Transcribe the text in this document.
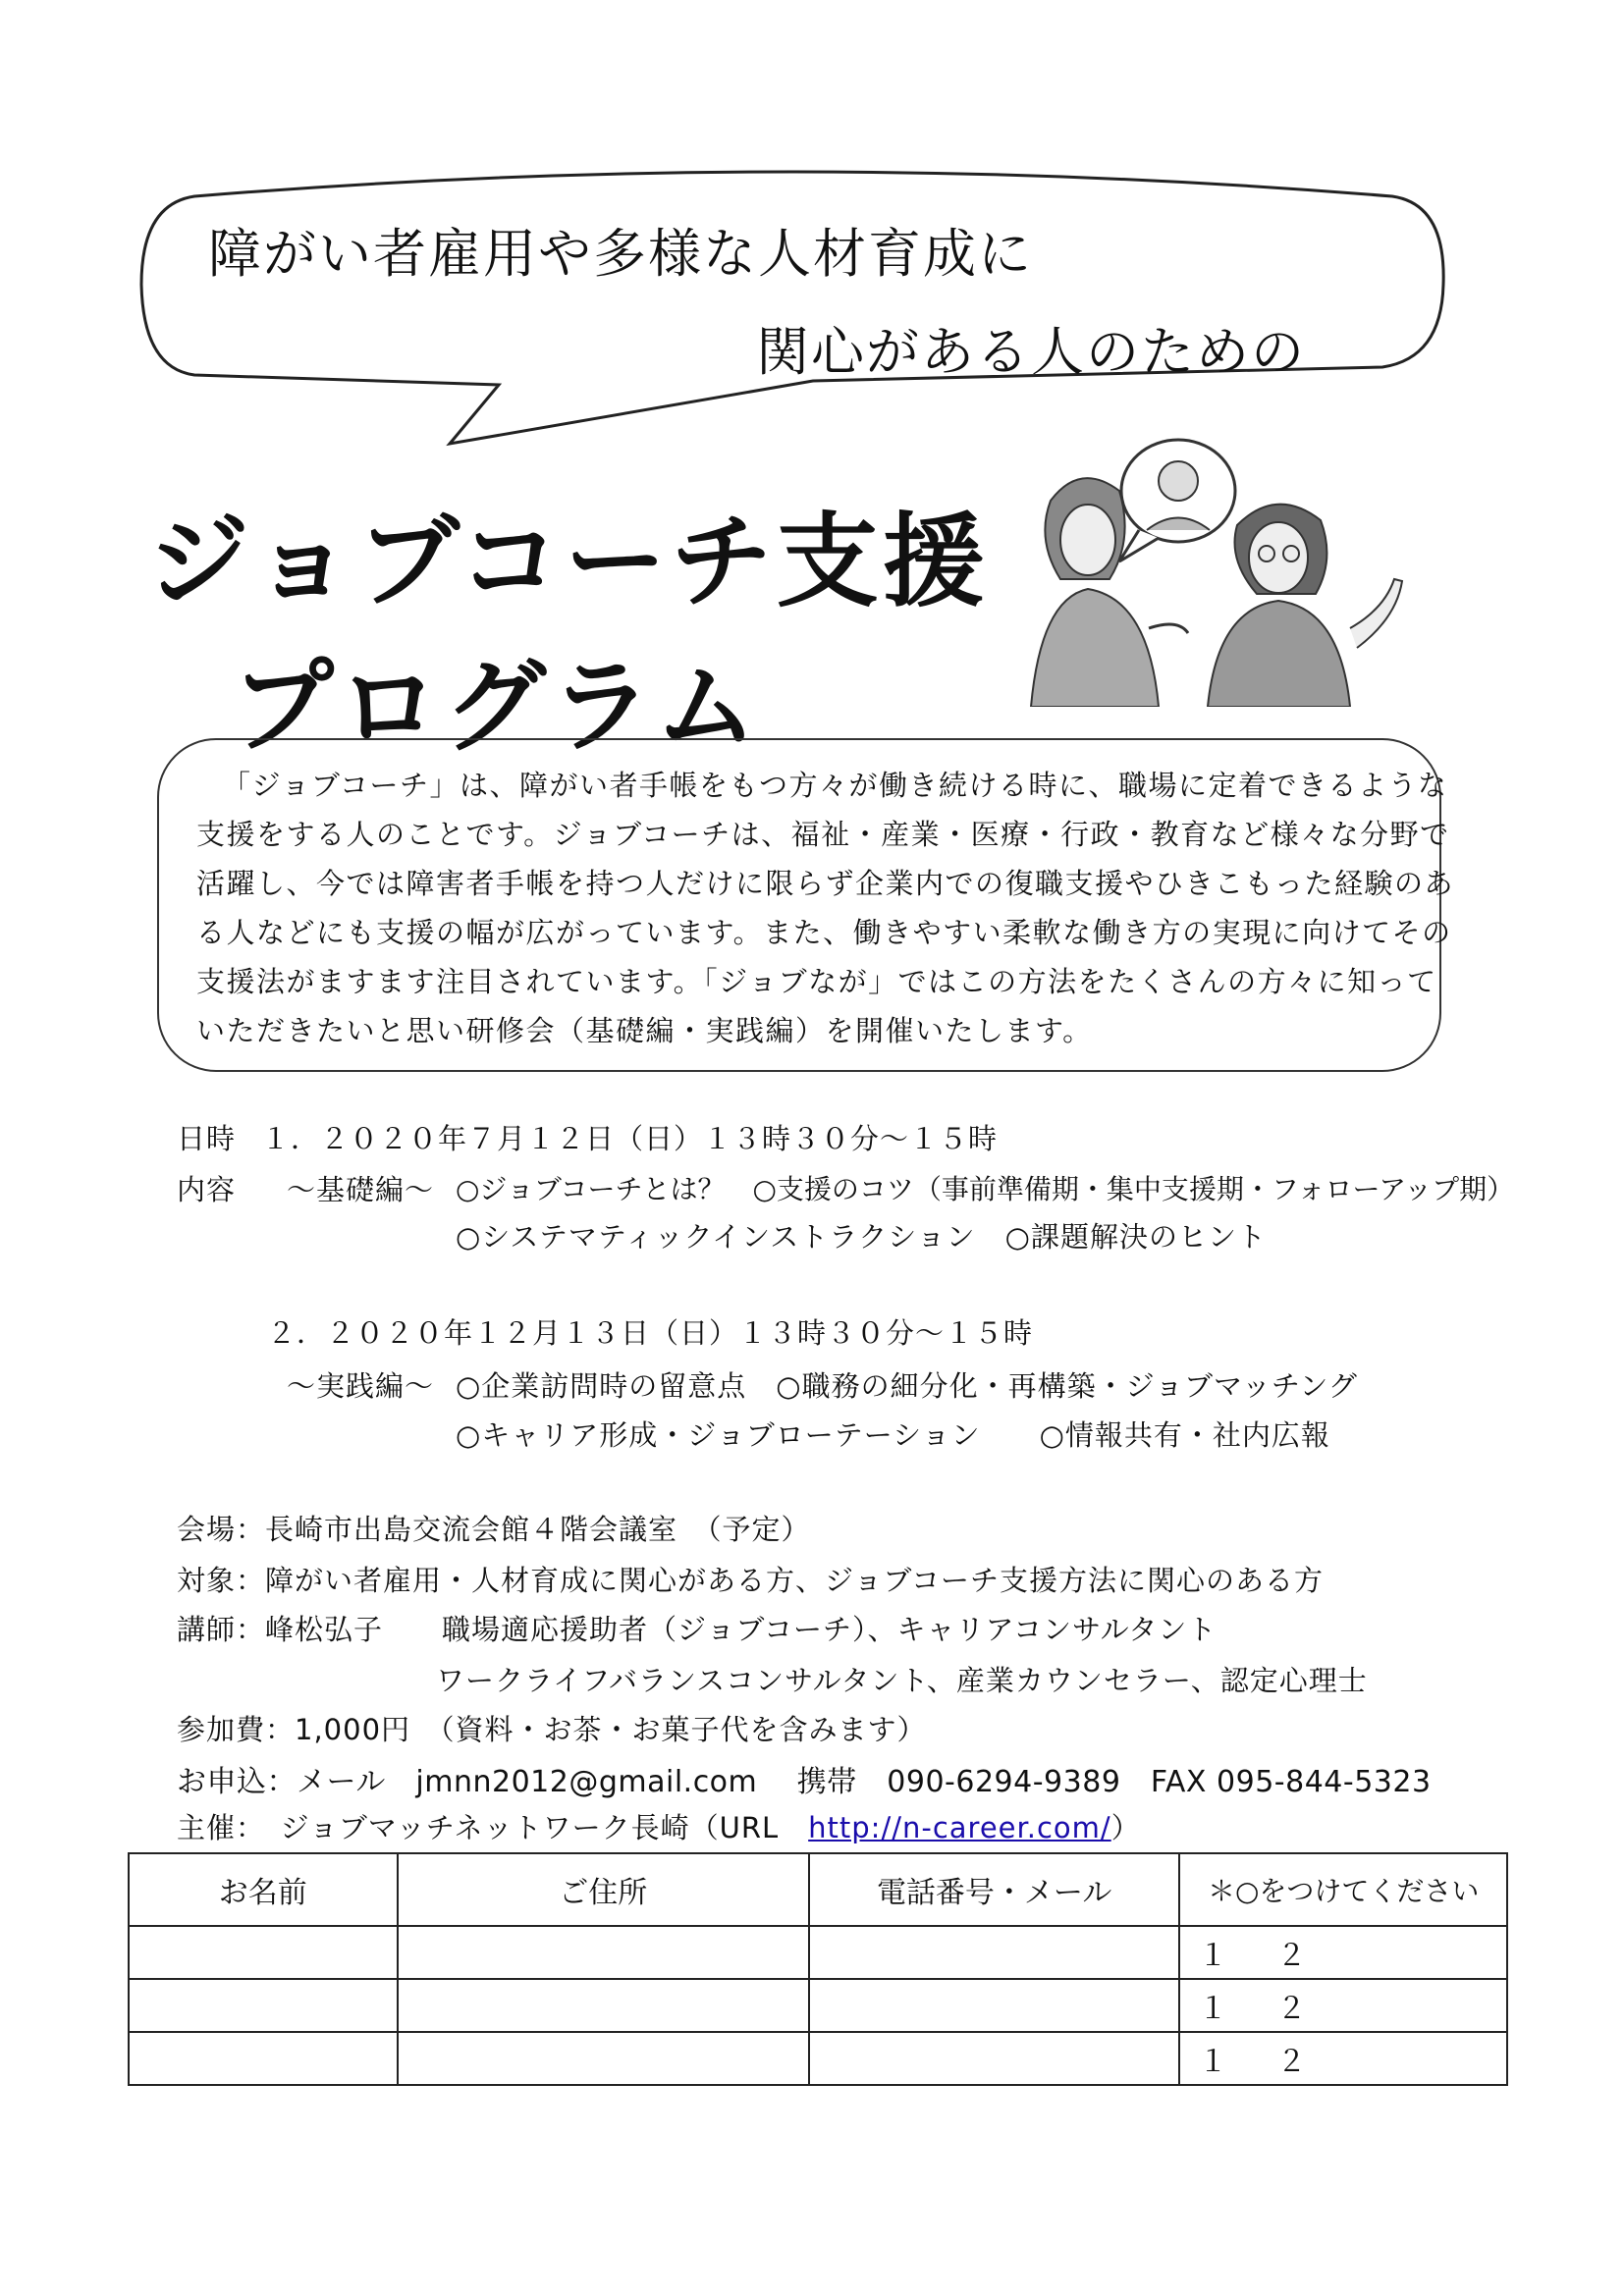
障がい者雇用や多様な人材育成に
関心がある人のための
ジョブコーチ支援
プログラム
「ジョブコーチ」は、障がい者手帳をもつ方々が働き続ける時に、職場に定着できるような
支援をする人のことです。ジョブコーチは、福祉・産業・医療・行政・教育など様々な分野で
活躍し、今では障害者手帳を持つ人だけに限らず企業内での復職支援やひきこもった経験のあ
る人などにも支援の幅が広がっています。また、働きやすい柔軟な働き方の実現に向けてその
支援法がますます注目されています。「ジョブなが」ではこの方法をたくさんの方々に知って
いただきたいと思い研修会（基礎編・実践編）を開催いたします。
日時 １．２０２０年７月１２日（日）１３時３０分～１５時
内容 ～基礎編～ ○ジョブコーチとは？　○支援のコツ（事前準備期・集中支援期・フォローアップ期）
○システマティックインストラクション　○課題解決のヒント
２．２０２０年１２月１３日（日）１３時３０分～１５時
～実践編～ ○企業訪問時の留意点　○職務の細分化・再構築・ジョブマッチング
○キャリア形成・ジョブローテーション　　○情報共有・社内広報
会場：長崎市出島交流会館４階会議室　（予定）
対象：障がい者雇用・人材育成に関心がある方、ジョブコーチ支援方法に関心のある方
講師：峰松弘子　　職場適応援助者（ジョブコーチ）、キャリアコンサルタント
ワークライフバランスコンサルタント、産業カウンセラー、認定心理士
参加費：1,000円　（資料・お茶・お菓子代を含みます）
お申込：メール　jmnn2012@gmail.com　 携帯　090-6294-9389　FAX 095-844-5323
主催：　ジョブマッチネットワーク長崎（URL　http://n-career.com/）
お名前	ご住所	電話番号・メール	＊○をつけてください
			１ ２
			１ ２
			１ ２
